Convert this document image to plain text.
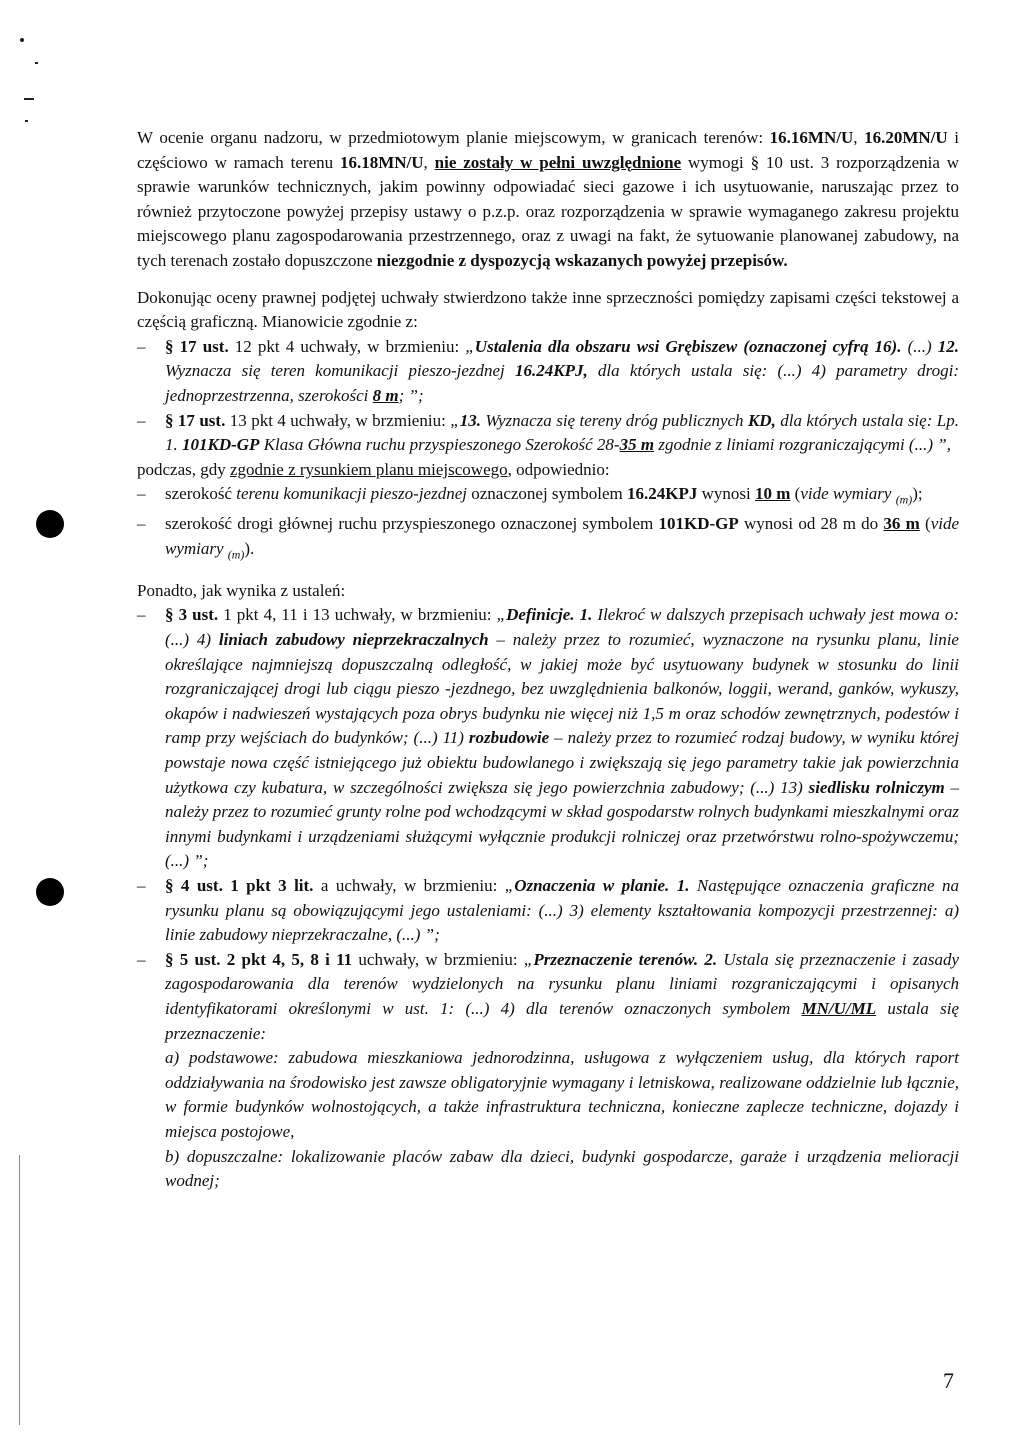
W ocenie organu nadzoru, w przedmiotowym planie miejscowym, w granicach terenów: 16.16MN/U, 16.20MN/U i częściowo w ramach terenu 16.18MN/U, nie zostały w pełni uwzględnione wymogi § 10 ust. 3 rozporządzenia w sprawie warunków technicznych, jakim powinny odpowiadać sieci gazowe i ich usytuowanie, naruszając przez to również przytoczone powyżej przepisy ustawy o p.z.p. oraz rozporządzenia w sprawie wymaganego zakresu projektu miejscowego planu zagospodarowania przestrzennego, oraz z uwagi na fakt, że sytuowanie planowanej zabudowy, na tych terenach zostało dopuszczone niezgodnie z dyspozycją wskazanych powyżej przepisów.

Dokonując oceny prawnej podjętej uchwały stwierdzono także inne sprzeczności pomiędzy zapisami części tekstowej a częścią graficzną. Mianowicie zgodnie z:

–	§ 17 ust. 12 pkt 4 uchwały, w brzmieniu: „Ustalenia dla obszaru wsi Grębiszew (oznaczonej cyfrą 16). (...) 12. Wyznacza się teren komunikacji pieszo-jezdnej 16.24KPJ, dla których ustala się: (...) 4) parametry drogi: jednoprzestrzenna, szerokości 8 m; ”;
–	§ 17 ust. 13 pkt 4 uchwały, w brzmieniu: „13. Wyznacza się tereny dróg publicznych KD, dla których ustala się: Lp. 1. 101KD-GP Klasa Główna ruchu przyspieszonego Szerokość 28-35 m zgodnie z liniami rozgraniczającymi (...) ”,

podczas, gdy zgodnie z rysunkiem planu miejscowego, odpowiednio:

–	szerokość terenu komunikacji pieszo-jezdnej oznaczonej symbolem 16.24KPJ wynosi 10 m (vide wymiary $_{(m)}$);
–	szerokość drogi głównej ruchu przyspieszonego oznaczonej symbolem 101KD-GP wynosi od 28 m do 36 m (vide wymiary $_{(m)}$).

Ponadto, jak wynika z ustaleń:

–	§ 3 ust. 1 pkt 4, 11 i 13 uchwały, w brzmieniu: „Definicje. 1. Ilekroć w dalszych przepisach uchwały jest mowa o: (...) 4) liniach zabudowy nieprzekraczalnych – należy przez to rozumieć, wyznaczone na rysunku planu, linie określające najmniejszą dopuszczalną odległość, w jakiej może być usytuowany budynek w stosunku do linii rozgraniczającej drogi lub ciągu pieszo -jezdnego, bez uwzględnienia balkonów, loggii, werand, ganków, wykuszy, okapów i nadwieszeń wystających poza obrys budynku nie więcej niż 1,5 m oraz schodów zewnętrznych, podestów i ramp przy wejściach do budynków; (...) 11) rozbudowie – należy przez to rozumieć rodzaj budowy, w wyniku której powstaje nowa część istniejącego już obiektu budowlanego i zwiększają się jego parametry takie jak powierzchnia użytkowa czy kubatura, w szczególności zwiększa się jego powierzchnia zabudowy; (...) 13) siedlisku rolniczym – należy przez to rozumieć grunty rolne pod wchodzącymi w skład gospodarstw rolnych budynkami mieszkalnymi oraz innymi budynkami i urządzeniami służącymi wyłącznie produkcji rolniczej oraz przetwórstwu rolno-spożywczemu; (...) ”;
–	§ 4 ust. 1 pkt 3 lit. a uchwały, w brzmieniu: „Oznaczenia w planie. 1. Następujące oznaczenia graficzne na rysunku planu są obowiązującymi jego ustaleniami: (...) 3) elementy kształtowania kompozycji przestrzennej: a) linie zabudowy nieprzekraczalne, (...) ”;
–	§ 5 ust. 2 pkt 4, 5, 8 i 11 uchwały, w brzmieniu: „Przeznaczenie terenów. 2. Ustala się przeznaczenie i zasady zagospodarowania dla terenów wydzielonych na rysunku planu liniami rozgraniczającymi i opisanych identyfikatorami określonymi w ust. 1: (...) 4) dla terenów oznaczonych symbolem MN/U/ML ustala się przeznaczenie:

a) podstawowe: zabudowa mieszkaniowa jednorodzinna, usługowa z wyłączeniem usług, dla których raport oddziaływania na środowisko jest zawsze obligatoryjnie wymagany i letniskowa, realizowane oddzielnie lub łącznie, w formie budynków wolnostojących, a także infrastruktura techniczna, konieczne zaplecze techniczne, dojazdy i miejsca postojowe,

b) dopuszczalne: lokalizowanie placów zabaw dla dzieci, budynki gospodarcze, garaże i urządzenia melioracji wodnej;

7
